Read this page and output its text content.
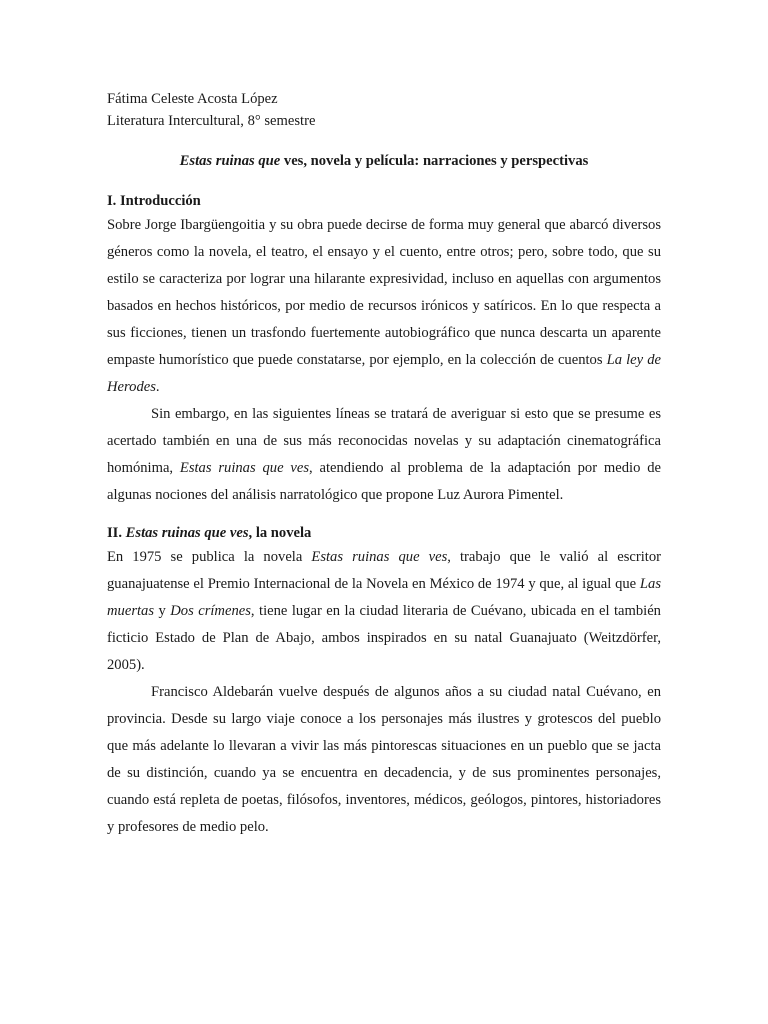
Fátima Celeste Acosta López
Literatura Intercultural, 8° semestre
Estas ruinas que ves, novela y película: narraciones y perspectivas
I. Introducción

Sobre Jorge Ibargüengoitia y su obra puede decirse de forma muy general que abarcó diversos géneros como la novela, el teatro, el ensayo y el cuento, entre otros; pero, sobre todo, que su estilo se caracteriza por lograr una hilarante expresividad, incluso en aquellas con argumentos basados en hechos históricos, por medio de recursos irónicos y satíricos. En lo que respecta a sus ficciones, tienen un trasfondo fuertemente autobiográfico que nunca descarta un aparente empaste humorístico que puede constatarse, por ejemplo, en la colección de cuentos La ley de Herodes.

Sin embargo, en las siguientes líneas se tratará de averiguar si esto que se presume es acertado también en una de sus más reconocidas novelas y su adaptación cinematográfica homónima, Estas ruinas que ves, atendiendo al problema de la adaptación por medio de algunas nociones del análisis narratológico que propone Luz Aurora Pimentel.

II. Estas ruinas que ves, la novela

En 1975 se publica la novela Estas ruinas que ves, trabajo que le valió al escritor guanajuatense el Premio Internacional de la Novela en México de 1974 y que, al igual que Las muertas y Dos crímenes, tiene lugar en la ciudad literaria de Cuévano, ubicada en el también ficticio Estado de Plan de Abajo, ambos inspirados en su natal Guanajuato (Weitzdörfer, 2005).

Francisco Aldebarán vuelve después de algunos años a su ciudad natal Cuévano, en provincia. Desde su largo viaje conoce a los personajes más ilustres y grotescos del pueblo que más adelante lo llevaran a vivir las más pintorescas situaciones en un pueblo que se jacta de su distinción, cuando ya se encuentra en decadencia, y de sus prominentes personajes, cuando está repleta de poetas, filósofos, inventores, médicos, geólogos, pintores, historiadores y profesores de medio pelo.
